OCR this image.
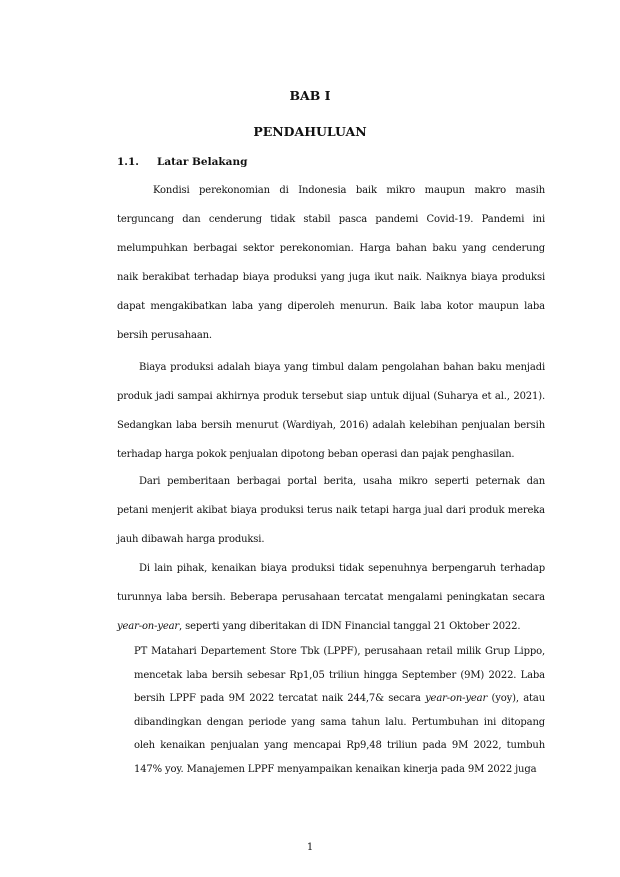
BAB I
PENDAHULUAN
1.1. Latar Belakang

Kondisi perekonomian di Indonesia baik mikro maupun makro masih terguncang dan cenderung tidak stabil pasca pandemi Covid-19. Pandemi ini melumpuhkan berbagai sektor perekonomian. Harga bahan baku yang cenderung naik berakibat terhadap biaya produksi yang juga ikut naik. Naiknya biaya produksi dapat mengakibatkan laba yang diperoleh menurun. Baik laba kotor maupun laba bersih perusahaan.

Biaya produksi adalah biaya yang timbul dalam pengolahan bahan baku menjadi produk jadi sampai akhirnya produk tersebut siap untuk dijual (Suharya et al., 2021). Sedangkan laba bersih menurut (Wardiyah, 2016) adalah kelebihan penjualan bersih terhadap harga pokok penjualan dipotong beban operasi dan pajak penghasilan.

Dari pemberitaan berbagai portal berita, usaha mikro seperti peternak dan petani menjerit akibat biaya produksi terus naik tetapi harga jual dari produk mereka jauh dibawah harga produksi.

Di lain pihak, kenaikan biaya produksi tidak sepenuhnya berpengaruh terhadap turunnya laba bersih. Beberapa perusahaan tercatat mengalami peningkatan secara year-on-year, seperti yang diberitakan di IDN Financial tanggal 21 Oktober 2022.

PT Matahari Departement Store Tbk (LPPF), perusahaan retail milik Grup Lippo, mencetak laba bersih sebesar Rp1,05 triliun hingga September (9M) 2022. Laba bersih LPPF pada 9M 2022 tercatat naik 244,7& secara year-on-year (yoy), atau dibandingkan dengan periode yang sama tahun lalu. Pertumbuhan ini ditopang oleh kenaikan penjualan yang mencapai Rp9,48 triliun pada 9M 2022, tumbuh 147% yoy. Manajemen LPPF menyampaikan kenaikan kinerja pada 9M 2022 juga

1
